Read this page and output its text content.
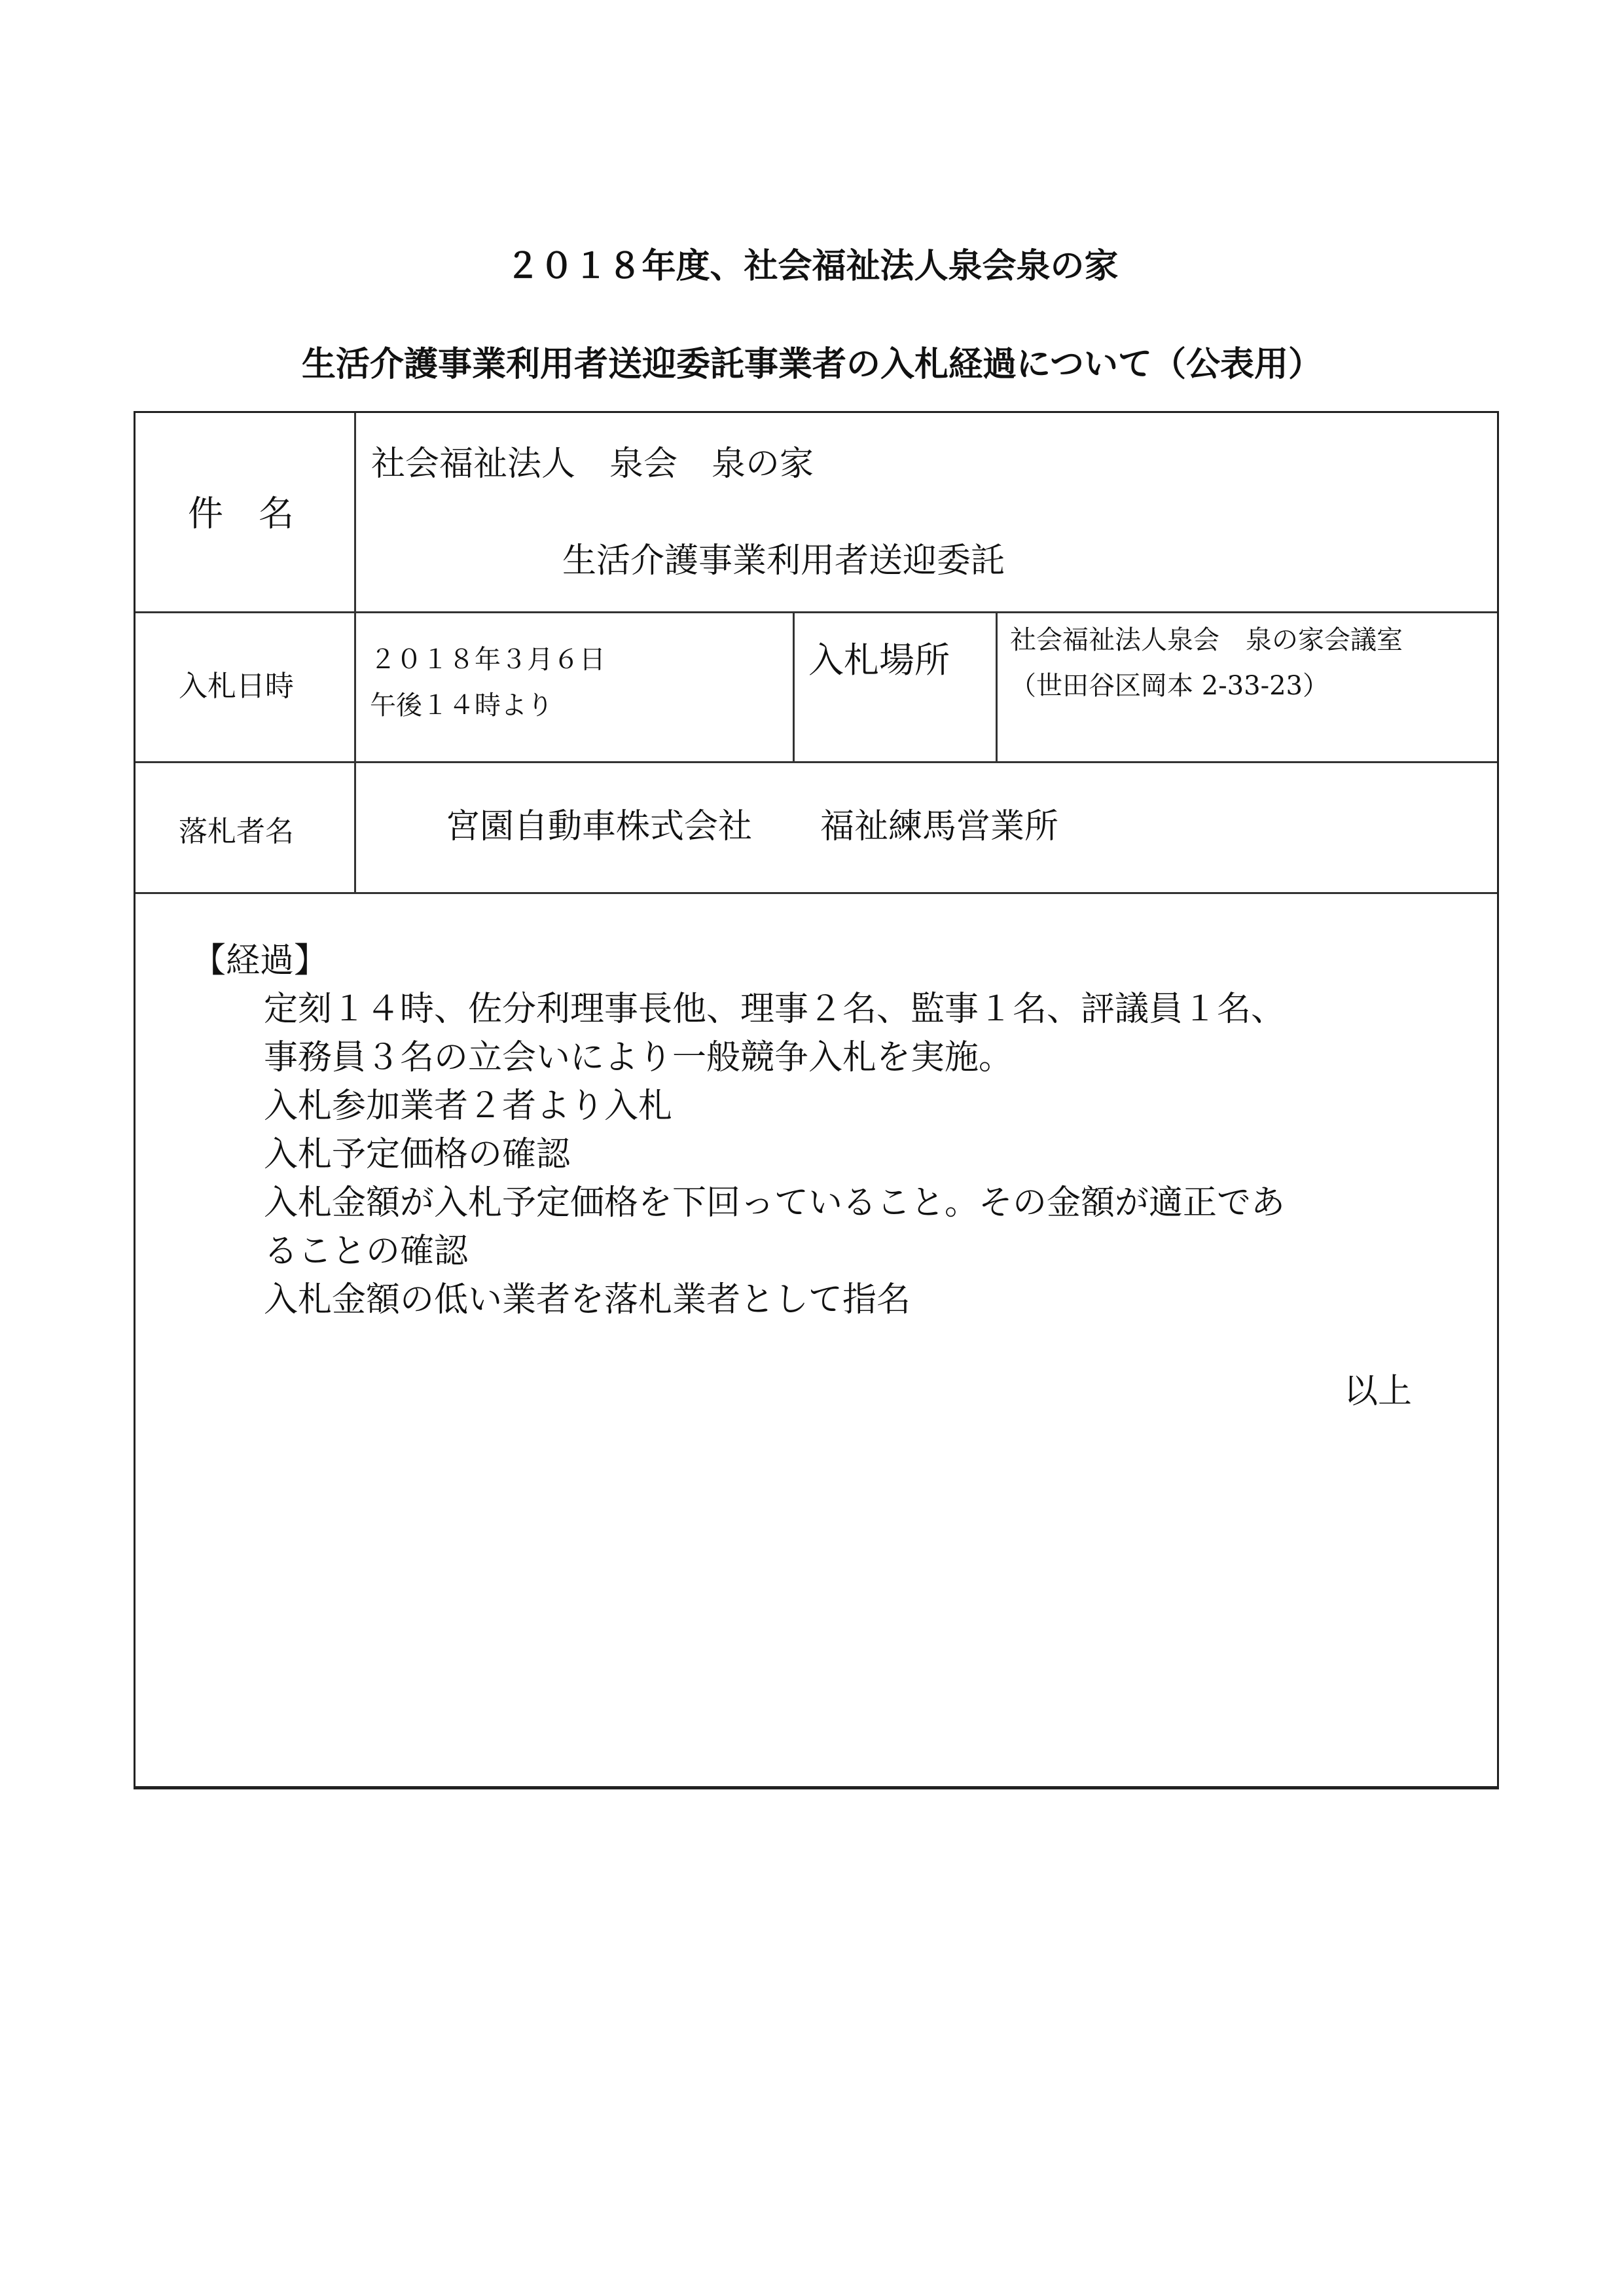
２０１８年度、社会福祉法人泉会泉の家
生活介護事業利用者送迎委託事業者の入札経過について（公表用）
件　名
社会福祉法人　泉会　泉の家
生活介護事業利用者送迎委託
入札日時
２０１８年３月６日
午後１４時より
入札場所 社会福祉法人泉会　泉の家会議室
（世田谷区岡本 2-33-23）
落札者名	宮園自動車株式会社　　福祉練馬営業所
【経過】
定刻１４時、佐分利理事長他、理事２名、監事１名、評議員１名、
事務員３名の立会いにより一般競争入札を実施。
入札参加業者２者より入札
入札予定価格の確認
入札金額が入札予定価格を下回っていること。その金額が適正であ
ることの確認
入札金額の低い業者を落札業者として指名
以上
